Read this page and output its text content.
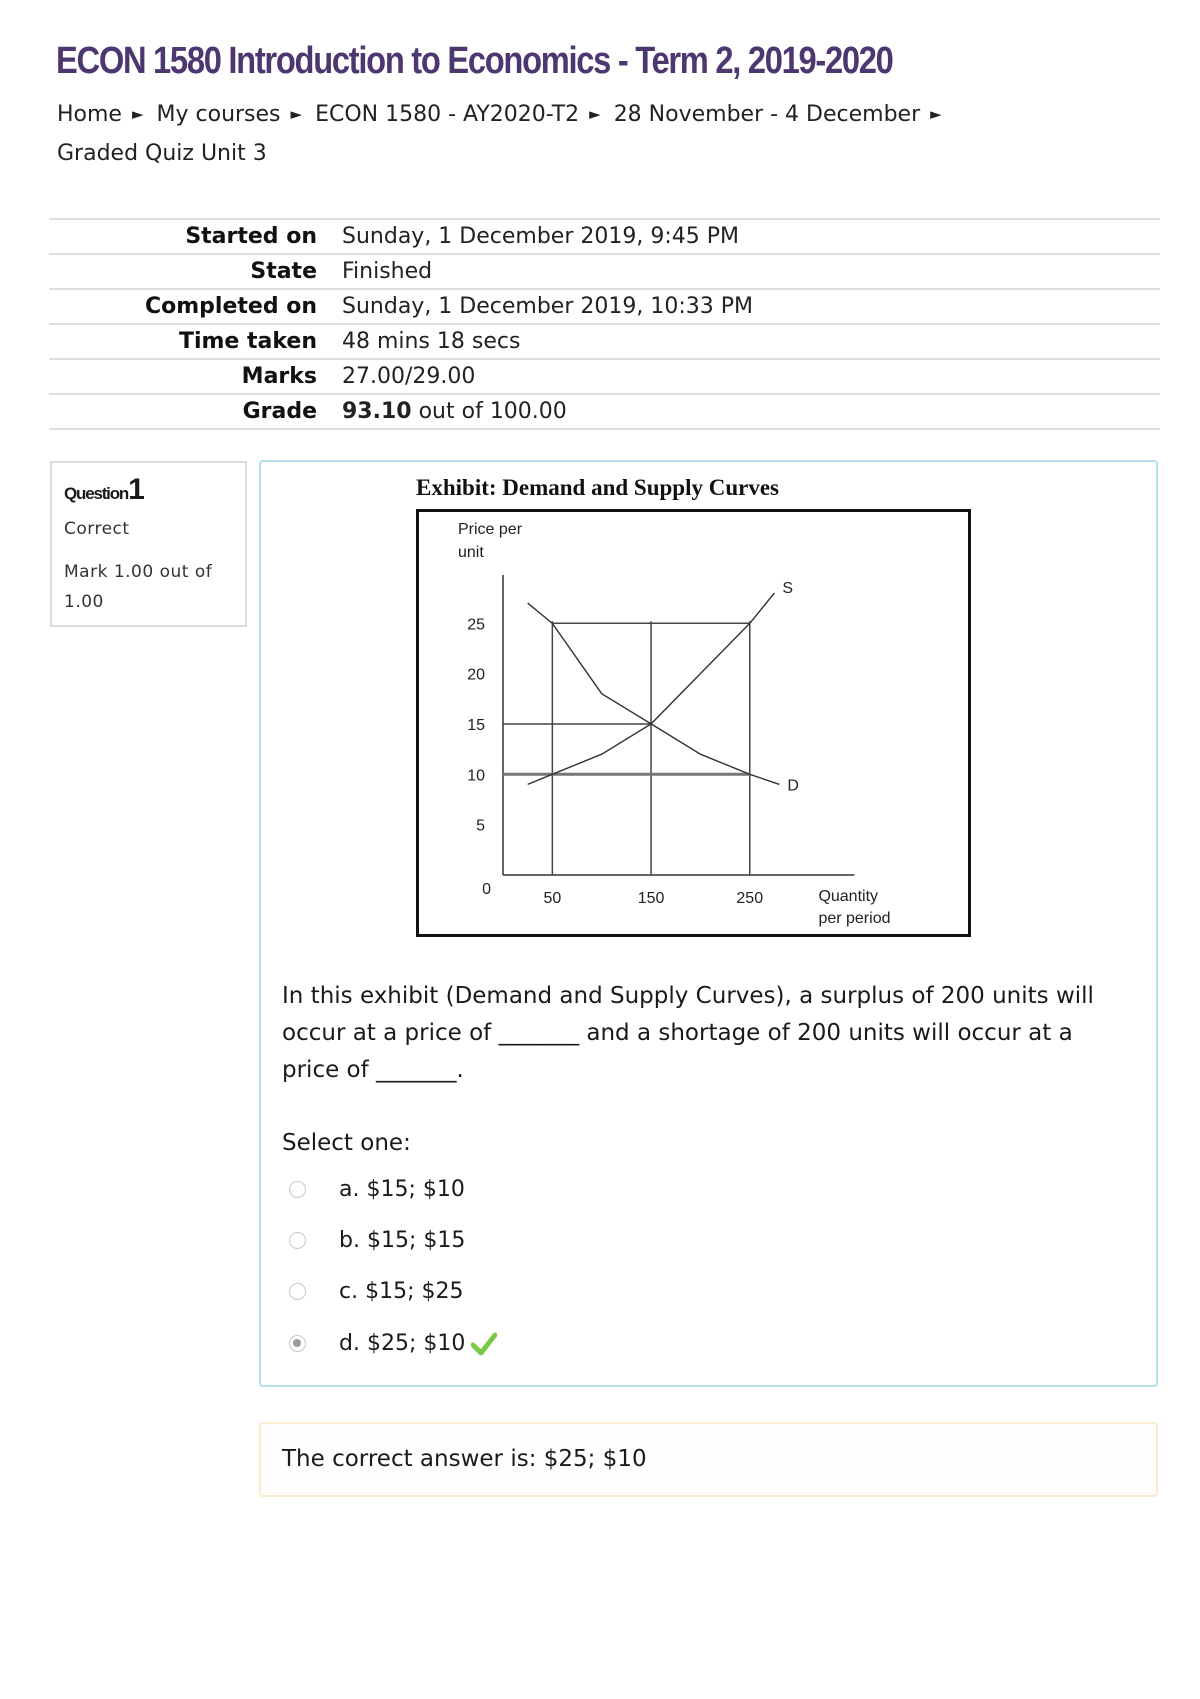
ECON 1580 Introduction to Economics - Term 2, 2019-2020
Home ► My courses ► ECON 1580 - AY2020-T2 ► 28 November - 4 December ►
Graded Quiz Unit 3
Started on	Sunday, 1 December 2019, 9:45 PM
State	Finished
Completed on	Sunday, 1 December 2019, 10:33 PM
Time taken	48 mins 18 secs
Marks	27.00/29.00
Grade	93.10 out of 100.00
Question1
Correct
Mark 1.00 out of 1.00
Exhibit: Demand and Supply Curves
D
S
25
20
15
10
5
0
50	150	250
Price per
unit
Quantity
per period

In this exhibit (Demand and Supply Curves), a surplus of 200 units will occur at a price of _______ and a shortage of 200 units will occur at a price of _______.

Select one:

a. $15; $10
b. $15; $15
c. $15; $25
d. $25; $10
The correct answer is: $25; $10
